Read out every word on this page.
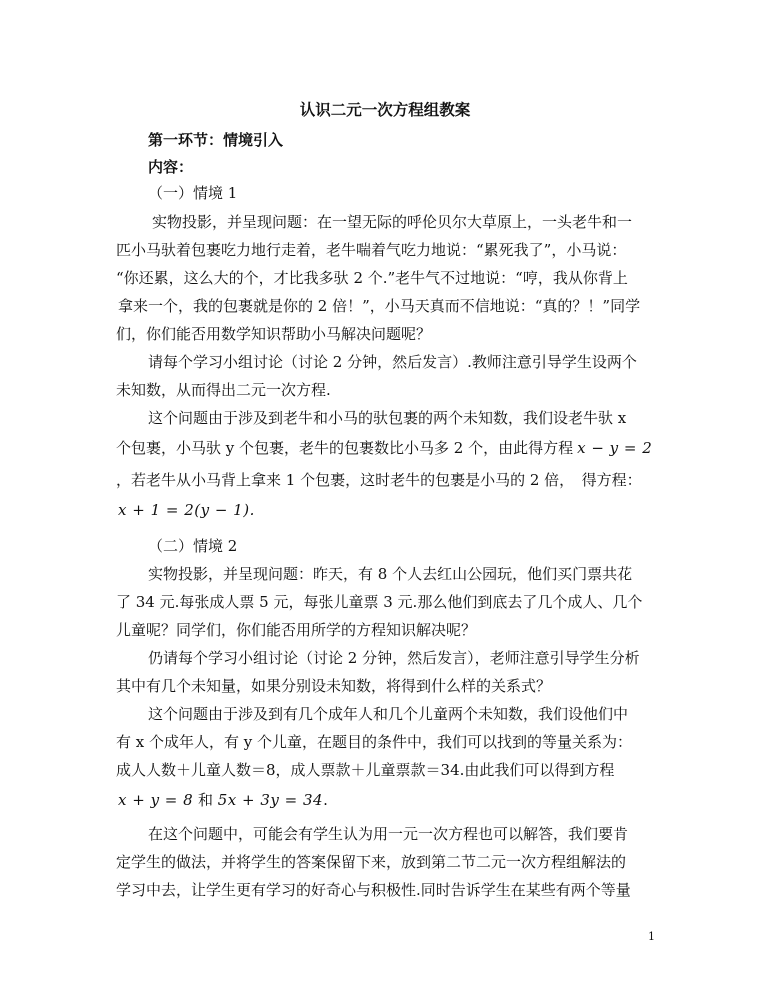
认识二元一次方程组教案
第一环节：情境引入
内容：
（一）情境 1
实物投影，并呈现问题：在一望无际的呼伦贝尔大草原上，一头老牛和一
匹小马驮着包裹吃力地行走着，老牛喘着气吃力地说：“累死我了”，小马说：
“你还累，这么大的个，才比我多驮 2 个.”老牛气不过地说：“哼，我从你背上
拿来一个，我的包裹就是你的 2 倍！”，小马天真而不信地说：“真的？！”同学
们，你们能否用数学知识帮助小马解决问题呢？
请每个学习小组讨论（讨论 2 分钟，然后发言）.教师注意引导学生设两个
未知数，从而得出二元一次方程.
这个问题由于涉及到老牛和小马的驮包裹的两个未知数，我们设老牛驮 x
个包裹，小马驮 y 个包裹，老牛的包裹数比小马多 2 个，由此得方程 x − y = 2
，若老牛从小马背上拿来 1 个包裹，这时老牛的包裹是小马的 2 倍，　得方程：
x + 1 = 2(y − 1).
（二）情境 2
实物投影，并呈现问题：昨天，有 8 个人去红山公园玩，他们买门票共花
了 34 元.每张成人票 5 元，每张儿童票 3 元.那么他们到底去了几个成人、几个
儿童呢？同学们，你们能否用所学的方程知识解决呢？
仍请每个学习小组讨论（讨论 2 分钟，然后发言），老师注意引导学生分析
其中有几个未知量，如果分别设未知数，将得到什么样的关系式？
这个问题由于涉及到有几个成年人和几个儿童两个未知数，我们设他们中
有 x 个成年人，有 y 个儿童，在题目的条件中，我们可以找到的等量关系为：
成人人数＋儿童人数＝8，成人票款＋儿童票款＝34.由此我们可以得到方程
x + y = 8 和 5x + 3y = 34.
在这个问题中，可能会有学生认为用一元一次方程也可以解答，我们要肯
定学生的做法，并将学生的答案保留下来，放到第二节二元一次方程组解法的
学习中去，让学生更有学习的好奇心与积极性.同时告诉学生在某些有两个等量
1
